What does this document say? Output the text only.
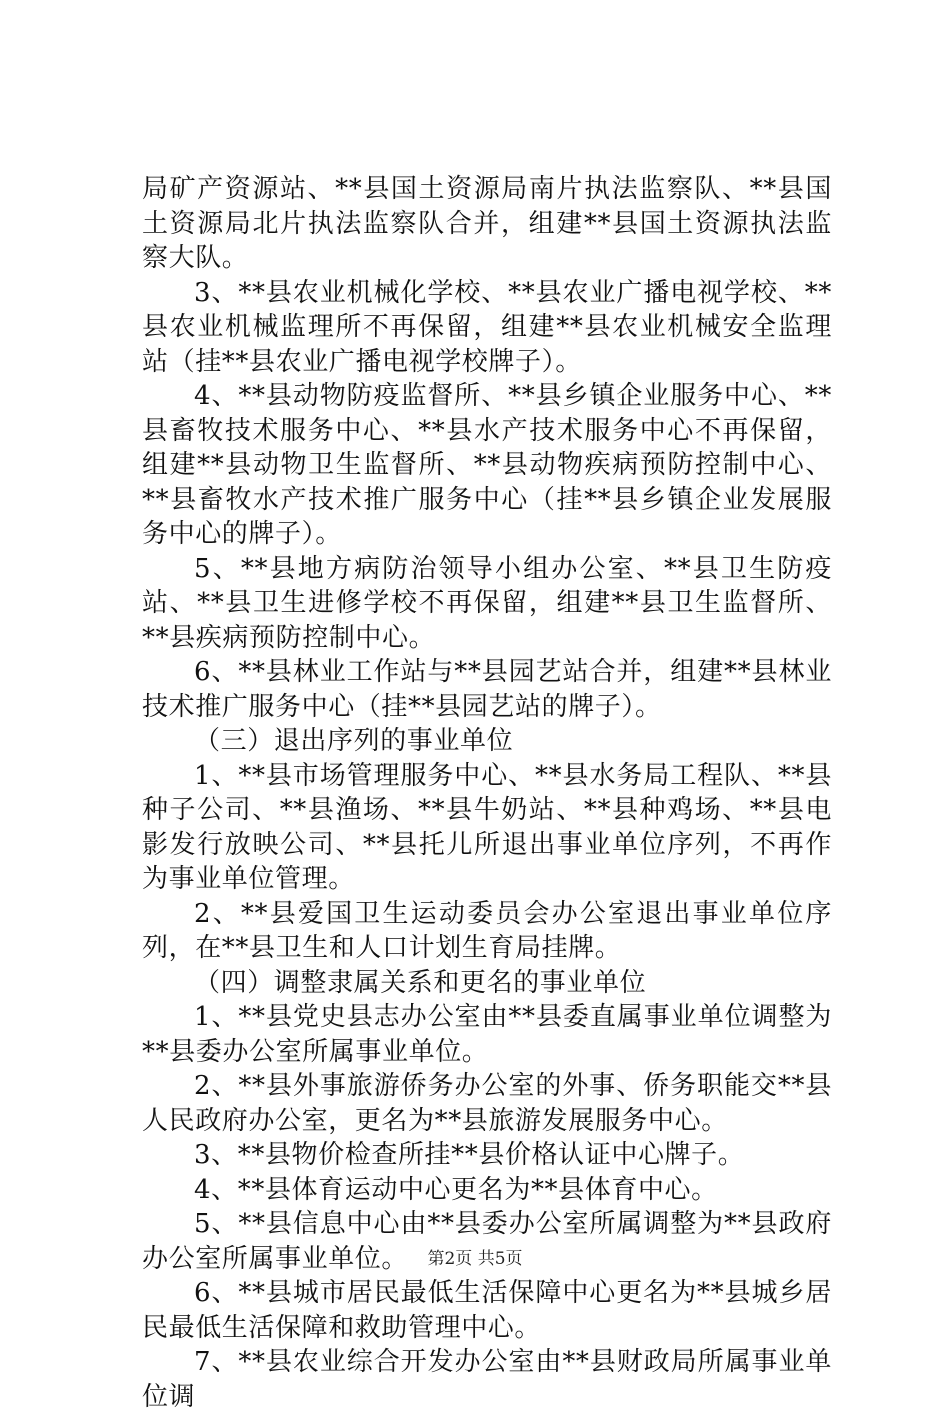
局矿产资源站、**县国土资源局南片执法监察队、**县国土资源局北片执法监察队合并，组建**县国土资源执法监察大队。

3、**县农业机械化学校、**县农业广播电视学校、**县农业机械监理所不再保留，组建**县农业机械安全监理站（挂**县农业广播电视学校牌子）。

4、**县动物防疫监督所、**县乡镇企业服务中心、**县畜牧技术服务中心、**县水产技术服务中心不再保留，组建**县动物卫生监督所、**县动物疾病预防控制中心、**县畜牧水产技术推广服务中心（挂**县乡镇企业发展服务中心的牌子）。

5、**县地方病防治领导小组办公室、**县卫生防疫站、**县卫生进修学校不再保留，组建**县卫生监督所、**县疾病预防控制中心。

6、**县林业工作站与**县园艺站合并，组建**县林业技术推广服务中心（挂**县园艺站的牌子）。

（三）退出序列的事业单位

1、**县市场管理服务中心、**县水务局工程队、**县种子公司、**县渔场、**县牛奶站、**县种鸡场、**县电影发行放映公司、**县托儿所退出事业单位序列，不再作为事业单位管理。

2、**县爱国卫生运动委员会办公室退出事业单位序列，在**县卫生和人口计划生育局挂牌。

（四）调整隶属关系和更名的事业单位

1、**县党史县志办公室由**县委直属事业单位调整为**县委办公室所属事业单位。

2、**县外事旅游侨务办公室的外事、侨务职能交**县人民政府办公室，更名为**县旅游发展服务中心。

3、**县物价检查所挂**县价格认证中心牌子。

4、**县体育运动中心更名为**县体育中心。

5、**县信息中心由**县委办公室所属调整为**县政府办公室所属事业单位。

6、**县城市居民最低生活保障中心更名为**县城乡居民最低生活保障和救助管理中心。

7、**县农业综合开发办公室由**县财政局所属事业单位调

第2页 共5页
